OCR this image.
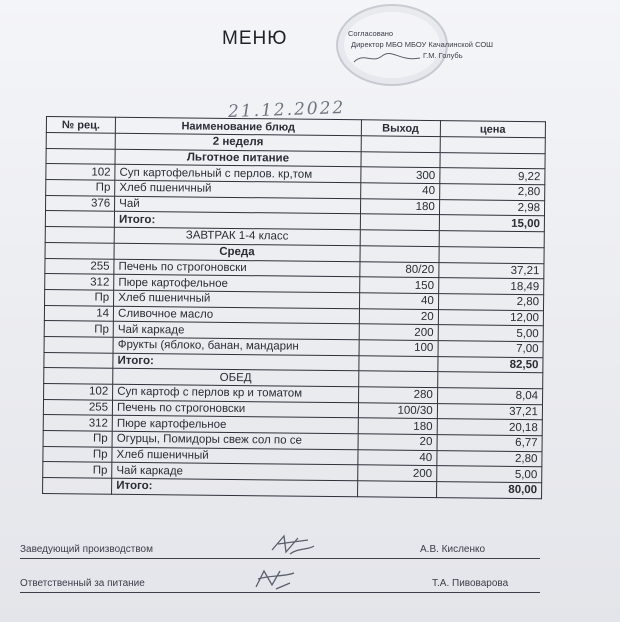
МЕНЮ	Согласовано
Директор МБО МБОУ Качалинской СОШ
Г.М. Голубь
21.12.2022
№ рец.	Наименование блюд	Выход	цена
	2 неделя		
	Льготное питание		
102	Суп картофельный с перлов. кр,том	300	9,22
Пр	Хлеб пшеничный	40	2,80
376	Чай	180	2,98
	Итого:		15,00
	ЗАВТРАК 1-4 класс		
	Среда		
255	Печень по строгоновски	80/20	37,21
312	Пюре картофельное	150	18,49
Пр	Хлеб пшеничный	40	2,80
14	Сливочное масло	20	12,00
Пр	Чай каркаде	200	5,00
	Фрукты (яблоко, банан, мандарин	100	7,00
	Итого:		82,50
	ОБЕД		
102	Суп картоф с перлов кр и томатом	280	8,04
255	Печень по строгоновски	100/30	37,21
312	Пюре картофельное	180	20,18
Пр	Огурцы, Помидоры свеж сол по се	20	6,77
Пр	Хлеб пшеничный	40	2,80
Пр	Чай каркаде	200	5,00
	Итого:		80,00
Заведующий производством	А.В. Кисленко
Ответственный за питание	Т.А. Пивоварова
